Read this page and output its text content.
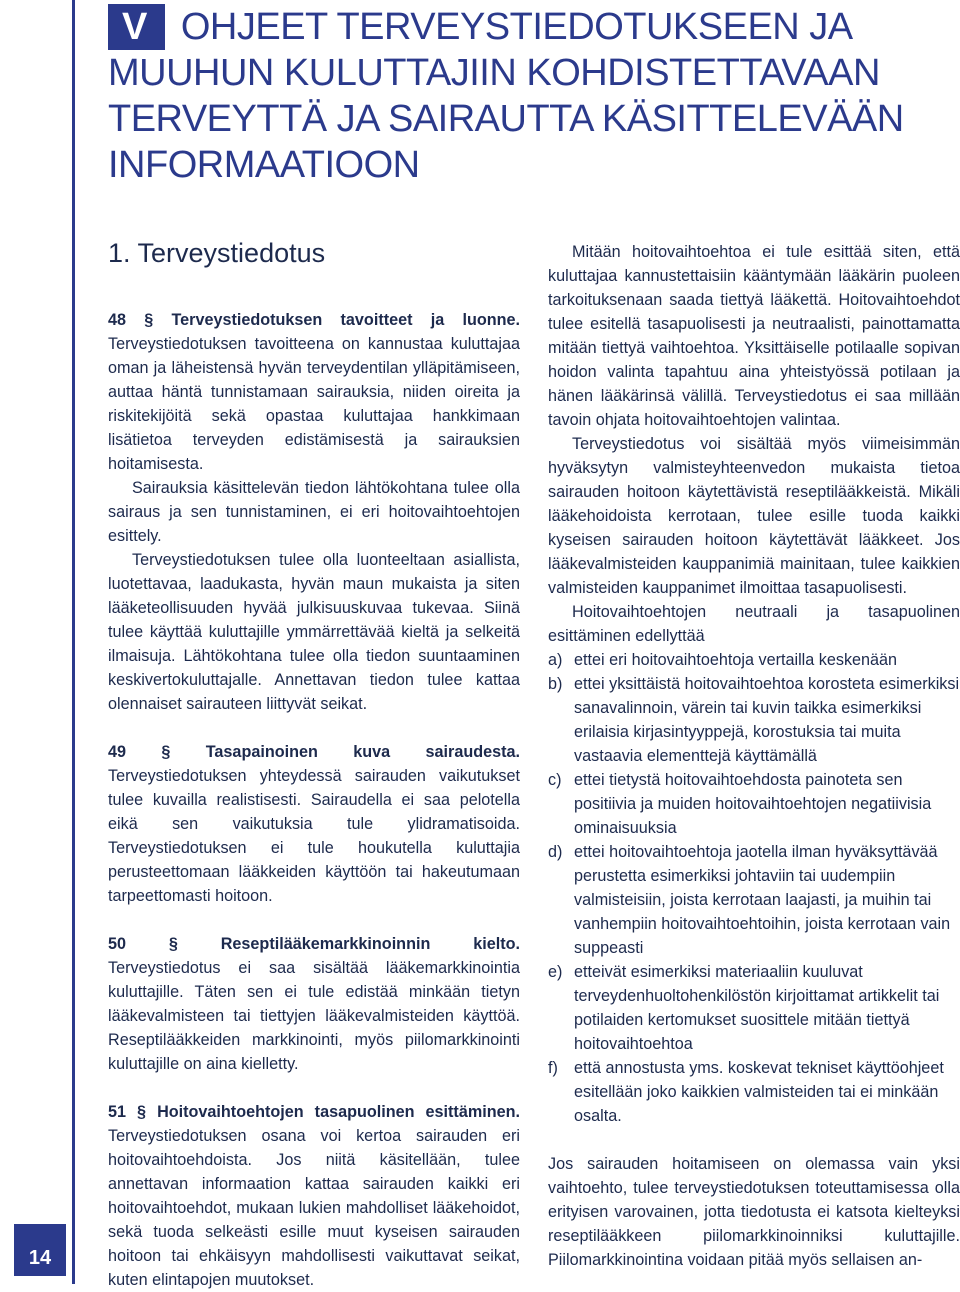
14
V OHJEET TERVEYSTIEDOTUKSEEN JA MUUHUN KULUTTAJIIN KOHDISTETTAVAAN TERVEYTTÄ JA SAIRAUTTA KÄSITTELEVÄÄN INFORMAATIOON
1. Terveystiedotus

48 § Terveystiedotuksen tavoitteet ja luonne. Terveystiedotuksen tavoitteena on kannustaa kuluttajaa oman ja läheistensä hyvän terveydentilan ylläpitämiseen, auttaa häntä tunnistamaan sairauksia, niiden oireita ja riskitekijöitä sekä opastaa kuluttajaa hankkimaan lisätietoa terveyden edistämisestä ja sairauksien hoitamisesta.

Sairauksia käsittelevän tiedon lähtökohtana tulee olla sairaus ja sen tunnistaminen, ei eri hoitovaihtoehtojen esittely.

Terveystiedotuksen tulee olla luonteeltaan asiallista, luotettavaa, laadukasta, hyvän maun mukaista ja siten lääketeollisuuden hyvää julkisuuskuvaa tukevaa. Siinä tulee käyttää kuluttajille ymmärrettävää kieltä ja selkeitä ilmaisuja. Lähtökohtana tulee olla tiedon suuntaaminen keskivertokuluttajalle. Annettavan tiedon tulee kattaa olennaiset sairauteen liittyvät seikat.

49 § Tasapainoinen kuva sairaudesta. Terveystiedotuksen yhteydessä sairauden vaikutukset tulee kuvailla realistisesti. Sairaudella ei saa pelotella eikä sen vaikutuksia tule ylidramatisoida. Terveystiedotuksen ei tule houkutella kuluttajia perusteettomaan lääkkeiden käyttöön tai hakeutumaan tarpeettomasti hoitoon.

50 § Reseptilääkemarkkinoinnin kielto. Terveystiedotus ei saa sisältää lääkemarkkinointia kuluttajille. Täten sen ei tule edistää minkään tietyn lääkevalmisteen tai tiettyjen lääkevalmisteiden käyttöä. Reseptilääkkeiden markkinointi, myös piilomarkkinointi kuluttajille on aina kielletty.

51 § Hoitovaihtoehtojen tasapuolinen esittäminen. Terveystiedotuksen osana voi kertoa sairauden eri hoitovaihtoehdoista. Jos niitä käsitellään, tulee annettavan informaation kattaa sairauden kaikki eri hoitovaihtoehdot, mukaan lukien mahdolliset lääkehoidot, sekä tuoda selkeästi esille muut kyseisen sairauden hoitoon tai ehkäisyyn mahdollisesti vaikuttavat seikat, kuten elintapojen muutokset.

Mitään hoitovaihtoehtoa ei tule esittää siten, että kuluttajaa kannustettaisiin kääntymään lääkärin puoleen tarkoituksenaan saada tiettyä lääkettä. Hoitovaihtoehdot tulee esitellä tasapuolisesti ja neutraalisti, painottamatta mitään tiettyä vaihtoehtoa. Yksittäiselle potilaalle sopivan hoidon valinta tapahtuu aina yhteistyössä potilaan ja hänen lääkärinsä välillä. Terveystiedotus ei saa millään tavoin ohjata hoitovaihtoehtojen valintaa.

Terveystiedotus voi sisältää myös viimeisimmän hyväksytyn valmisteyhteenvedon mukaista tietoa sairauden hoitoon käytettävistä reseptilääkkeistä. Mikäli lääkehoidoista kerrotaan, tulee esille tuoda kaikki kyseisen sairauden hoitoon käytettävät lääkkeet. Jos lääkevalmisteiden kauppanimiä mainitaan, tulee kaikkien valmisteiden kauppanimet ilmoittaa tasapuolisesti.

Hoitovaihtoehtojen neutraali ja tasapuolinen esittäminen edellyttää

a) ettei eri hoitovaihtoehtoja vertailla keskenään
b) ettei yksittäistä hoitovaihtoehtoa korosteta esimerkiksi sanavalinnoin, värein tai kuvin taikka esimerkiksi erilaisia kirjasintyyppejä, korostuksia tai muita vastaavia elementtejä käyttämällä
c) ettei tietystä hoitovaihtoehdosta painoteta sen positiivia ja muiden hoitovaihtoehtojen negatiivisia ominaisuuksia
d) ettei hoitovaihtoehtoja jaotella ilman hyväksyttävää perustetta esimerkiksi johtaviin tai uudempiin valmisteisiin, joista kerrotaan laajasti, ja muihin tai vanhempiin hoitovaihtoehtoihin, joista kerrotaan vain suppeasti
e) etteivät esimerkiksi materiaaliin kuuluvat terveydenhuoltohenkilöstön kirjoittamat artikkelit tai potilaiden kertomukset suosittele mitään tiettyä hoitovaihtoehtoa
f) että annostusta yms. koskevat tekniset käyttöohjeet esitellään joko kaikkien valmisteiden tai ei minkään osalta.

Jos sairauden hoitamiseen on olemassa vain yksi vaihtoehto, tulee terveystiedotuksen toteuttamisessa olla erityisen varovainen, jotta tiedotusta ei katsota kielteyksi reseptilääkkeen piilomarkkinoinniksi kuluttajille. Piilomarkkinointina voidaan pitää myös sellaisen an-
